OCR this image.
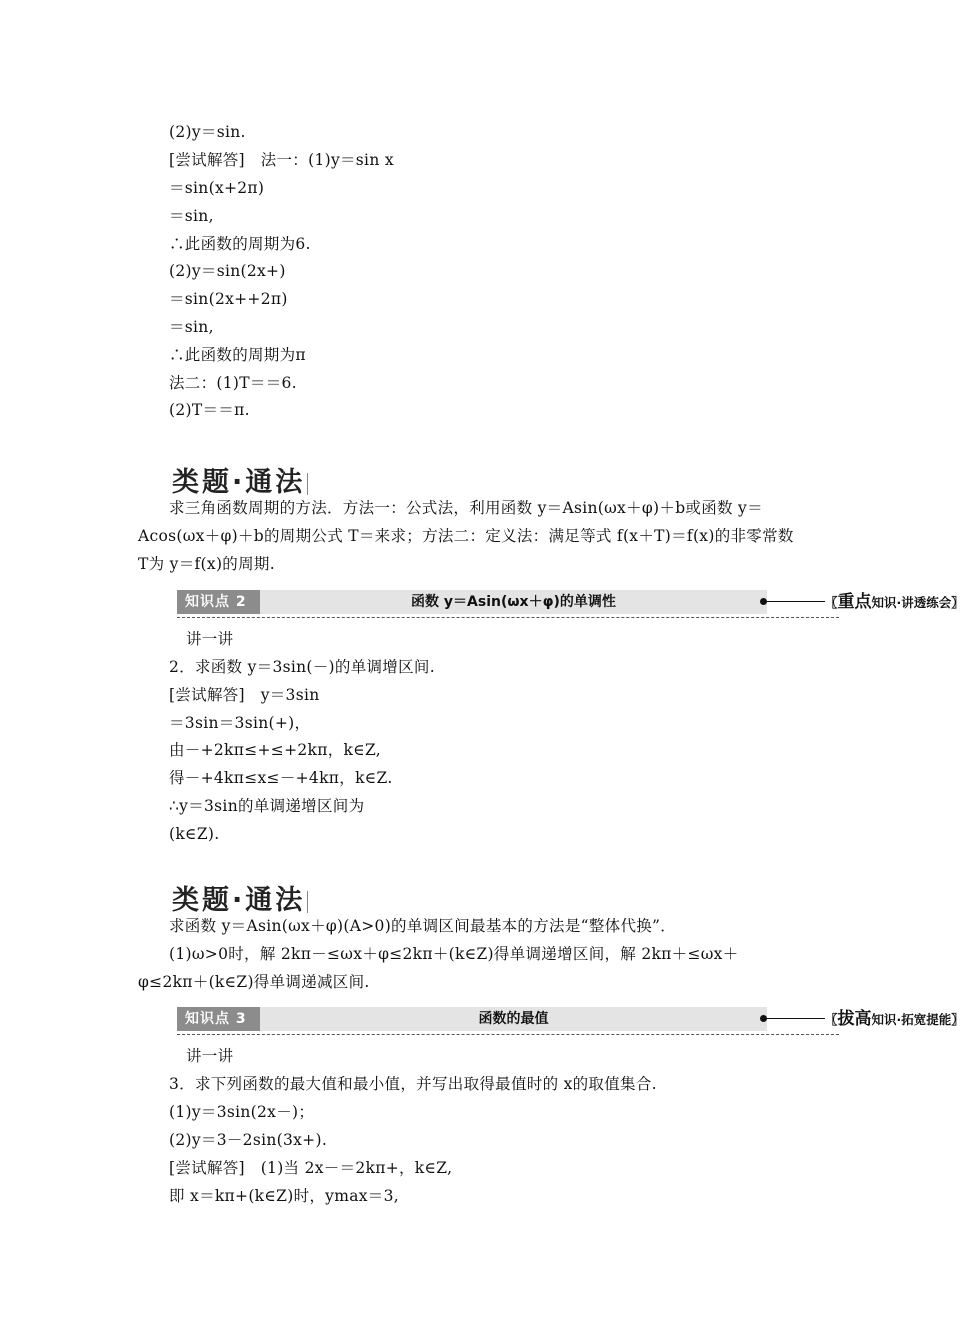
(2)y＝sin.
[尝试解答]　法一：(1)y＝sin x
＝sin(x+2π)
＝sin,
∴此函数的周期为6.
(2)y＝sin(2x+)
＝sin(2x++2π)
＝sin,
∴此函数的周期为π
法二：(1)T＝＝6.
(2)T＝＝π.
类题·通法
求三角函数周期的方法．方法一：公式法，利用函数 y＝Asin(ωx＋φ)＋b或函数 y＝
Acos(ωx＋φ)＋b的周期公式 T＝来求；方法二：定义法：满足等式 f(x＋T)＝f(x)的非零常数
T为 y＝f(x)的周期.
知识点 2	函数 y＝Asin(ωx＋φ)的单调性	〖重点知识·讲透练会〗
讲一讲
2．求函数 y＝3sin(－)的单调增区间.
[尝试解答]　y＝3sin
＝3sin＝3sin(+)，
由－+2kπ≤+≤+2kπ，k∈Z,
得－+4kπ≤x≤－+4kπ，k∈Z.
∴y＝3sin的单调递增区间为
(k∈Z).
类题·通法
求函数 y＝Asin(ωx＋φ)(A>0)的单调区间最基本的方法是“整体代换”．
(1)ω>0时，解 2kπ－≤ωx＋φ≤2kπ＋(k∈Z)得单调递增区间，解 2kπ＋≤ωx＋
φ≤2kπ＋(k∈Z)得单调递减区间.
知识点 3	函数的最值	〖拔高知识·拓宽提能〗
讲一讲
3．求下列函数的最大值和最小值，并写出取得最值时的 x的取值集合.
(1)y＝3sin(2x－)；
(2)y＝3－2sin(3x+).
[尝试解答]　(1)当 2x－＝2kπ+，k∈Z,
即 x＝kπ+(k∈Z)时，ymax＝3,
